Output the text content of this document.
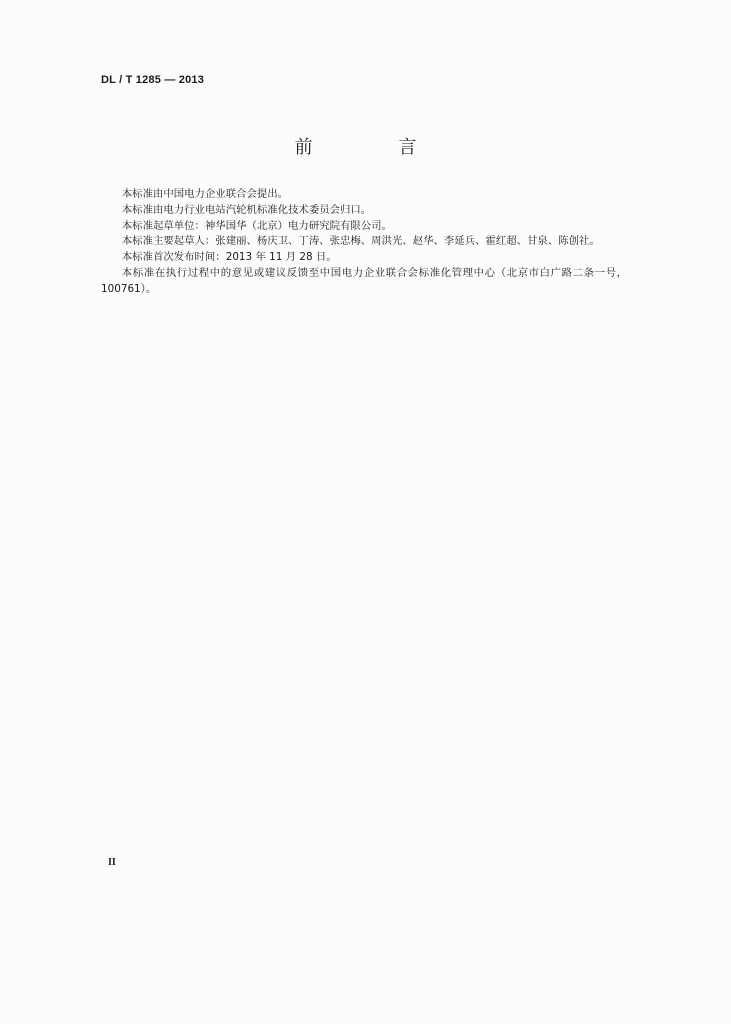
DL / T 1285 — 2013
前 言

本标准由中国电力企业联合会提出。

本标准由电力行业电站汽轮机标准化技术委员会归口。

本标准起草单位：神华国华（北京）电力研究院有限公司。

本标准主要起草人：张建丽、杨庆卫、丁涛、张忠梅、周洪光、赵华、李延兵、霍红超、甘泉、陈创社。

本标准首次发布时间：2013 年 11 月 28 日。

本标准在执行过程中的意见或建议反馈至中国电力企业联合会标准化管理中心（北京市白广路二条一号，100761）。

II
